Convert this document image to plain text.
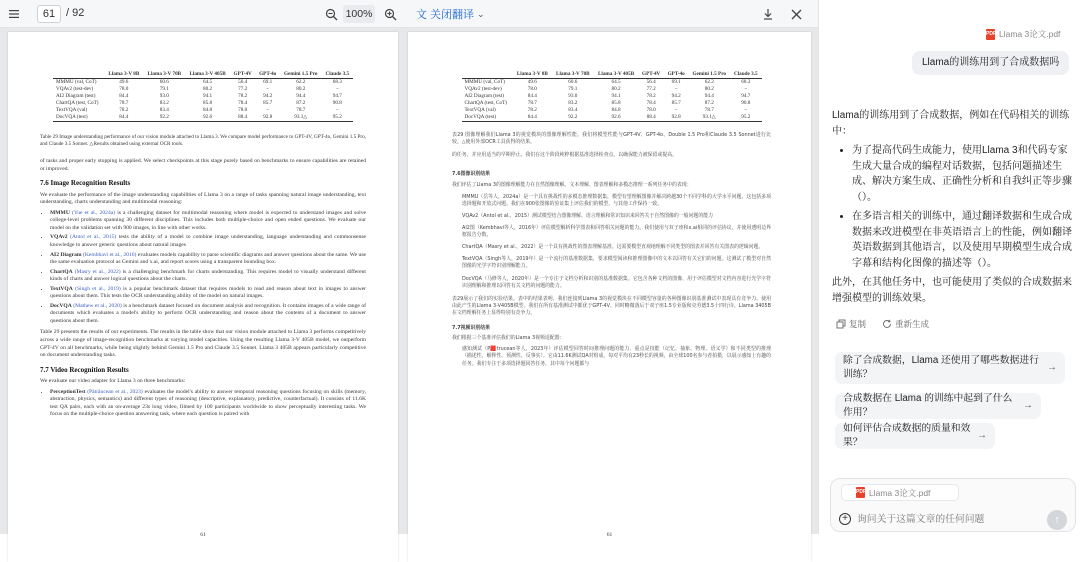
61 / 92	100%	文 关闭翻译 ⌄
	Llama 3-V 8B	Llama 3-V 70B	Llama 3-V 405B	GPT-4V	GPT-4o	Gemini 1.5 Pro	Claude 3.5
MMMU (val, CoT)	49.6	60.6	64.5	56.4	69.1	62.2	68.3
VQAv2 (test-dev)	78.0	79.1	80.2	77.2	–	80.2	–
AI2 Diagram (test)	84.4	93.0	94.1	78.2	94.2	94.4	94.7
ChartQA (test, CoT)	78.7	83.2	85.8	78.4	85.7	87.2	90.8
TextVQA (val)	78.2	83.4	84.8	78.0	–	78.7	–
DocVQA (test)	84.4	92.2	92.6	88.4	92.8	93.1△	95.2

Table 29 Image understanding performance of our vision module attached to Llama 3. We compare model performance to GPT-4V, GPT-4o, Gemini 1.5 Pro, and Claude 3.5 Sonnet. △Results obtained using external OCR tools.

of tasks and proper early stopping is applied. We select checkpoints at this stage purely based on benchmarks to ensure capabilities are retained or improved.

7.6 Image Recognition Results

We evaluate the performance of the image understanding capabilities of Llama 3 on a range of tasks spanning natural image understanding, text understanding, charts understanding and multimodal reasoning:

• MMMU (Yue et al., 2024a) is a challenging dataset for multimodal reasoning where model is expected to understand images and solve college-level problems spanning 30 different disciplines. This includes both multiple-choice and open ended questions. We evaluate our model on the validation set with 900 images, in line with other works.
• VQAv2 (Antol et al., 2015) tests the ability of a model to combine image understanding, language understanding and commonsense knowledge to answer generic questions about natural images
• AI2 Diagram (Kembhavi et al., 2016) evaluates models capability to parse scientific diagrams and answer questions about the same. We use the same evaluation protocol as Gemini and x.ai, and report scores using a transparent bounding box.
• ChartQA (Masry et al., 2022) is a challenging benchmark for charts understanding. This requires model to visually understand different kinds of charts and answer logical questions about the charts.
• TextVQA (Singh et al., 2019) is a popular benchmark dataset that requires models to read and reason about text in images to answer questions about them. This tests the OCR understanding ability of the model on natural images.
• DocVQA (Mathew et al., 2020) is a benchmark dataset focused on document analysis and recognition. It contains images of a wide range of documents which evaluates a model's ability to perform OCR understanding and reason about the contents of a document to answer questions about them.

Table 29 presents the results of our experiments. The results in the table show that our vision module attached to Llama 3 performs competitively across a wide range of image-recognition benchmarks at varying model capacities. Using the resulting Llama 3-V 405B model, we outperform GPT-4V on all benchmarks, while being slightly behind Gemini 1.5 Pro and Claude 3.5 Sonnet. Llama 3 405B appears particularly competitive on document understanding tasks.

7.7 Video Recognition Results

We evaluate our video adapter for Llama 3 on three benchmarks:

• PerceptionTest (Pătrăucean et al., 2023) evaluates the model's ability to answer temporal reasoning questions focusing on skills (memory, abstraction, physics, semantics) and different types of reasoning (descriptive, explanatory, predictive, counterfactual). It consists of 11.6K test QA pairs, each with an on-average 23s long video, filmed by 100 participants worldwide to show perceptually interesting tasks. We focus on the multiple-choice question answering task, where each question is paired with
61
	Llama 3-V 8B	Llama 3-V 70B	Llama 3-V 405B	GPT-4V	GPT-4o	Gemini 1.5 Pro	Claude 3.5
MMMU (val, CoT)	49.6	60.6	64.5	56.4	69.1	62.2	68.3
VQAv2 (test-dev)	78.0	79.1	80.2	77.2	–	80.2	–
AI2 Diagram (test)	84.4	93.0	94.1	78.2	94.2	94.4	94.7
ChartQA (test, CoT)	78.7	83.2	85.8	78.4	85.7	87.2	90.8
TextVQA (val)	78.2	83.4	84.8	78.0	–	78.7	–
DocVQA (test)	84.4	92.2	92.6	88.4	92.8	93.1△	95.2

表29 图像理解我们Llama 3的视觉模块的图像理解性能。我们将模型性能与GPT-4V、GPT-4o、Double 1.5 Pro和Claude 3.5 Sonnet进行比较。△使用外部OCR工具获得的结果。

的任务，并应用适当的早期停止。我们在这个阶段纯粹根据基准选择检查点，以确保能力被保留或提高。

7.6图像识别结果

我们评估了Llama 3的图像理解能力在自然图像理解、文本理解、图表理解和多模态推理一系列任务中的表现：

MMMU（岳等人，2024a）是一个具有挑战性的多模态推理数据集，模型有望理解图像并解决跨越30个不同学科的大学水平问题。这包括多项选择题和开放式问题。我们在900张图像的验证集上评估我们的模型，与其他工作保持一致。

VQAv2（Antol et al.，2015）测试模型结合图像理解、语言理解和常识知识来回答关于自然图像的一般问题的能力

AI2图（Kembhavi等人，2016年）评估模型解析科学图表和回答相关问题的能力。我们使用与双子座和x.ai相同的评估协议，并使用透明边界框报告分数。

ChartQA（Masry et al.，2022）是一个具有挑战性的图表理解基准。这需要模型直观地理解不同类型的图表并回答有关图表的逻辑问题。

TextVQA（Singh等人，2019年）是一个流行的基准数据集，要求模型阅读和推理图像中的文本以回答有关它们的问题。这测试了模型对自然图像的光学字符识别理解能力。

DocVQA（马修等人，2020年）是一个专注于文档分析和识别的基准数据集。它包含各种文档的图像，用于评估模型对文档内容进行光学字符识别理解和推理以回答有关文档的问题的能力。

表29展示了我们的实验结果。表中的结果表明，我们连接到Llama 3的视觉模块在不同模型容量的各种图像识别基准测试中表现具有竞争力。使用由此产生的Llama 3-V405B模型，我们在所有基准测试中都优于GPT-4V，同时略微落后于双子座1.5专业版和克劳德3.5十四行诗。Llama 3405B在文档理解任务上显得特别有竞争力。

7.7视频识别结果

我们根据三个基准评估我们的Llama 3视频适配器：

感知测试（P🟥trucean等人，2023年）评估模型回答时间推理问题的能力，重点是技能（记忆、抽象、物理、语义学）和不同类型的推理（描述性、解释性、预测性、反事实）。它由11.6K测试QA对组成，每对平均有23秒长的视频，由全球100名参与者拍摄，以展示感知上有趣的任务。我们专注于多项选择题回答任务，其中每个问题都与

61
PDF Llama 3论文.pdf
Llama的训练用到了合成数据吗

Llama的训练用到了合成数据，例如在代码相关的训练中：

• 为了提高代码生成能力，使用Llama 3和代码专家生成大量合成的编程对话数据，包括问题描述生成、解决方案生成、正确性分析和自我纠正等步骤（）。
• 在多语言相关的训练中，通过翻译数据和生成合成数据来改进模型在非英语语言上的性能，例如翻译英语数据到其他语言，以及使用早期模型生成合成字幕和结构化图像的描述等（）。

此外，在其他任务中，也可能使用了类似的合成数据来增强模型的训练效果。

复制	重新生成
除了合成数据，Llama 还使用了哪些数据进行训练？
→
合成数据在 Llama 的训练中起到了什么作用？
→
如何评估合成数据的质量和效果？
→
PDF Llama 3论文.pdf
+
询问关于这篇文章的任何问题	↑
